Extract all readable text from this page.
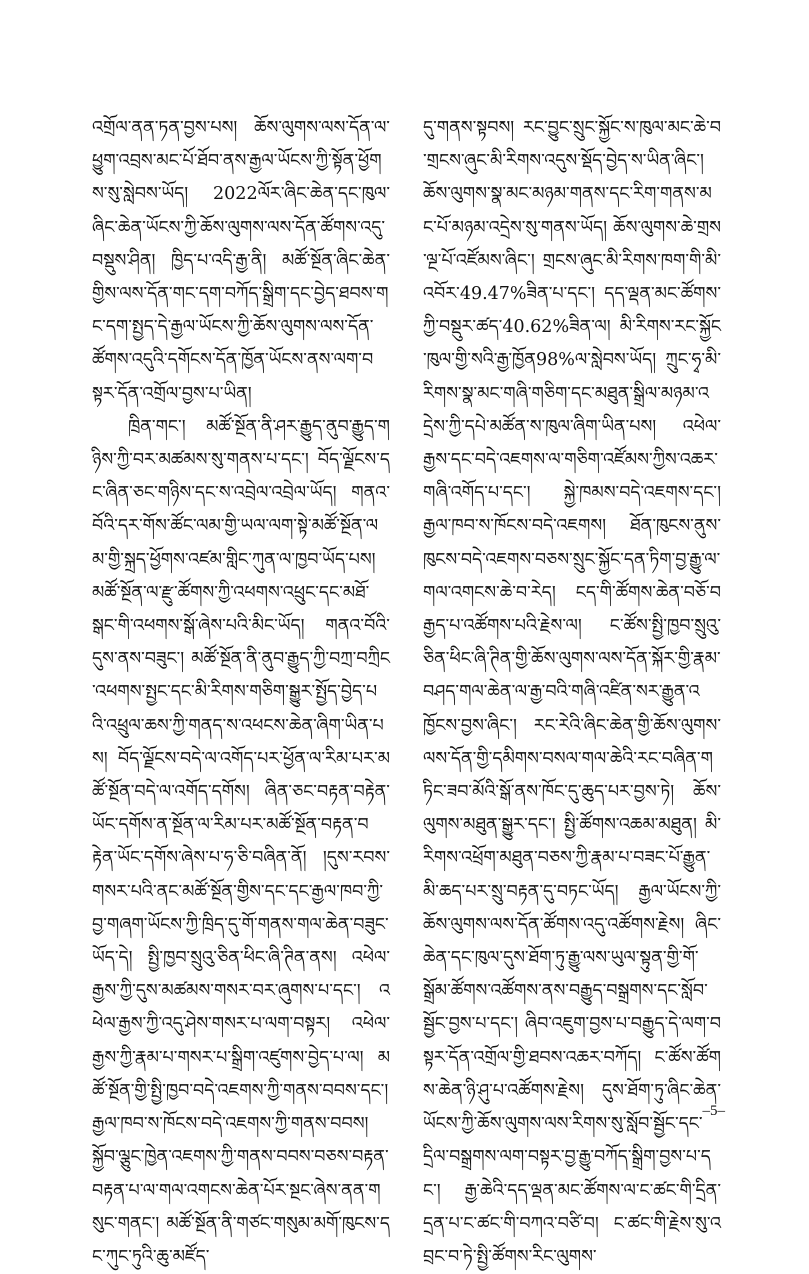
འགྲོལ་ནན་ཏན་བྱས་པས། ཆོས་ལུགས་ལས་དོན་ལ་ཕྱུག་འབྲས་མང་པོ་ཐོབ་ནས་རྒྱལ་ཡོངས་ཀྱི་སྟོན་ཕྱོགས་སུ་སླེབས་ཡོད། 2022ལོར་ཞིང་ཆེན་དང་ཁུལ་ཞིང་ཆེན་ཡོངས་ཀྱི་ཆོས་ལུགས་ལས་དོན་ཚོགས་འདུ་བསྡུས་ཤིན། ཁྱིད་པ་འདི་རྒྱ་ནི། མཚོ་སྔོན་ཞིང་ཆེན་གྱིས་ལས་དོན་གང་དག་བཀོད་སྒྲིག་དང་བྱེད་ཐབས་གང་དག་སྤྱད་དེ་རྒྱལ་ཡོངས་ཀྱི་ཆོས་ལུགས་ལས་དོན་ཚོགས་འདུའི་དགོངས་དོན་ཁྱོན་ཡོངས་ནས་ལག་བསྟར་དོན་འགྲོལ་བྱས་པ་ཡིན།

ཁྲིན་གང་། མཚོ་སྔོན་ནི་ཤར་རྒྱུད་ནུབ་རྒྱུད་གཉིས་ཀྱི་བར་མཚམས་སུ་གནས་པ་དང་། བོད་ལྗོངས་དང་ཞིན་ཅང་གཉིས་དང་ས་འབྲེལ་འབྲེལ་ཡོད། གནའ་བོའི་དར་གོས་ཚོང་ལམ་གྱི་ཡལ་ལག་སྟེ་མཚོ་སྔོན་ལམ་གྱི་སྐྲད་ཕྱོགས་འཛམ་གླིང་ཀུན་ལ་ཁྱབ་ཡོད་པས། མཚོ་སྔོན་ལ་རྫུ་ཚོགས་ཀྱི་འཕགས་འཕྲུང་དང་མཐོ་སྒང་གི་འཕགས་སྒོ་ཞེས་པའི་མིང་ཡོད། གནའ་བོའི་དུས་ནས་བཟུང་། མཚོ་སྔོན་ནི་ནུབ་རྒྱུད་ཀྱི་བཀྲ་བཀྲིང་འཕགས་སྤྱང་དང་མི་རིགས་གཅིག་སྒྱུར་སྤྱོད་བྱེད་པའི་འཕྲུལ་ཆས་ཀྱི་གནད་ས་འཕངས་ཆེན་ཞིག་ཡིན་པས། བོད་ལྗོངས་བདེ་ལ་འགོད་པར་ཕྱོན་ལ་རིམ་པར་མཚོ་སྔོན་བདེ་ལ་འགོད་དགོས། ཞིན་ཅང་བརྟན་བརྟེན་ཡོང་དགོས་ན་སྔོན་ལ་རིམ་པར་མཚོ་སྔོན་བརྟན་བརྟེན་ཡོང་དགོས་ཞེས་པ་ཧ་ཅི་བཞིན་ནོ། །དུས་རབས་གསར་པའི་ནང་མཚོ་སྔོན་གྱིས་དང་དང་རྒྱལ་ཁབ་ཀྱི་བྱ་གཞག་ཡོངས་ཀྱི་ཁྲིད་དུ་གོ་གནས་གལ་ཆེན་བཟུང་ཡོད་དེ། སྤྱི་ཁྱབ་སྲུའུ་ཅིན་ཕིང་ཞི་ཊིན་ནས། འཕེལ་རྒྱས་ཀྱི་དུས་མཚམས་གསར་བར་ཞུགས་པ་དང་། འཕེལ་རྒྱས་ཀྱི་འདུ་ཤེས་གསར་པ་ལག་བསྟར། འཕེལ་རྒྱས་ཀྱི་རྣམ་པ་གསར་པ་སྒྲིག་འཛུགས་བྱེད་པ་ལ། མཚོ་སྔོན་གྱི་སྤྱི་ཁྱབ་བདེ་འཇགས་ཀྱི་གནས་བབས་དང་། རྒྱལ་ཁབ་ས་ཁོངས་བདེ་འཇགས་ཀྱི་གནས་བབས། སྐྱོབ་ལྕུང་ཁྱེན་འཇགས་ཀྱི་གནས་བབས་བཅས་བརྟན་བརྟན་པ་ལ་གལ་འགངས་ཆེན་པོར་སྔང་ཞེས་ནན་གསུང་གནང་། མཚོ་སྔོན་ནི་གཙང་གསུམ་མགོ་ཁུངས་དང་ཀུང་ཏུའི་ཆུ་མཛོད་

དུ་གནས་སྟབས། རང་བྱུང་སྲུང་སྐྱོང་ས་ཁུལ་མང་ཆེ་བ་གྲངས་ཞུང་མི་རིགས་འདུས་སྡོད་བྱེད་ས་ཡིན་ཞིང་། ཆོས་ལུགས་སྣ་མང་མཉམ་གནས་དང་རིག་གནས་མང་པོ་མཉམ་འདྲེས་སུ་གནས་ཡོད། ཆོས་ལུགས་ཆེ་གྲས་ལྔ་པོ་འཛོམས་ཞིང་། གྲངས་ཞུང་མི་རིགས་ཁག་གི་མི་འབོར་49.47%ཟིན་པ་དང་། དད་ལྡན་མང་ཚོགས་ཀྱི་བསྡུར་ཚད་40.62%ཟིན་ལ། མི་རིགས་རང་སྐྱོང་ཁུལ་གྱི་སའི་རྒྱ་ཁྱོན98%ལ་སླེབས་ཡོད། ཀྲུང་ཧྭ་མི་རིགས་སྣ་མང་གཞི་གཅིག་དང་མཐུན་སྒྲིལ་མཉམ་འདྲེས་ཀྱི་དཔེ་མཚོན་ས་ཁུལ་ཞིག་ཡིན་པས། འཕེལ་རྒྱས་དང་བདེ་འཇགས་ལ་གཅིག་འཛོམས་ཀྱིས་འཆར་གཞི་འགོད་པ་དང་། སྐྱེ་ཁམས་བདེ་འཇགས་དང་། རྒྱལ་ཁབ་ས་ཁོངས་བདེ་འཇགས། ཐོན་ཁུངས་ནུས་ཁུངས་བདེ་འཇགས་བཅས་སྲུང་སྐྱོང་དན་ཏིག་བྱ་རྒྱུ་ལ་གལ་འགངས་ཆེ་བ་རེད། ངད་གི་ཚོགས་ཆེན་བཅོ་བརྒྱད་པ་འཚོགས་པའི་རྗེས་ལ། ང་ཚོས་སྤྱི་ཁྱབ་སྲུའུ་ཅིན་ཕིང་ཞི་ཊིན་གྱི་ཆོས་ལུགས་ལས་དོན་སྐོར་གྱི་རྣམ་བཤད་གལ་ཆེན་ལ་རྒྱ་བའི་གཞི་འཛིན་སར་རྒྱུན་འཁྱོངས་བྱས་ཞིང་། རང་རེའི་ཞིང་ཆེན་གྱི་ཆོས་ལུགས་ལས་དོན་གྱི་དམིགས་བསལ་གལ་ཆེའི་རང་བཞིན་གཏིང་ཟབ་མོའི་སྒོ་ནས་ཁོང་དུ་ཆུད་པར་བྱས་ཏེ། ཆོས་ལུགས་མཐུན་སྒྱུར་དང་། སྤྱི་ཚོགས་འཆམ་མཐུན། མི་རིགས་འཕྲོག་མཐུན་བཅས་ཀྱི་རྣམ་པ་བཟང་པོ་རྒྱུན་མི་ཆད་པར་སྲུ་བརྟན་དུ་བཏང་ཡོད། རྒྱལ་ཡོངས་ཀྱི་ཆོས་ལུགས་ལས་དོན་ཚོགས་འདུ་འཚོགས་རྗེས། ཞིང་ཆེན་དང་ཁུལ་དུས་ཐོག་ཏུ་རྒྱུ་ལས་ཡུལ་སྟུན་གྱི་གོ་སྒྲོམ་ཚོགས་འཚོགས་ནས་བརྒྱུད་བསྒྲགས་དང་སློབ་སྦྱོང་བྱས་པ་དང་། ཞིབ་འཇུག་བྱས་པ་བརྒྱུད་དེ་ལག་བསྟར་དོན་འགྲོལ་གྱི་ཐབས་འཆར་བཀོད། ང་ཚོས་ཚོགས་ཆེན་ཉི་ཤུ་པ་འཚོགས་རྗེས། དུས་ཐོག་ཏུ་ཞིང་ཆེན་ཡོངས་ཀྱི་ཆོས་ལུགས་ལས་རིགས་སུ་སློབ་སྦྱོང་དང་དྲིལ་བསྒྲགས་ལག་བསྟར་བྱ་རྒྱུ་བཀོད་སྒྲིག་བྱས་པ་དང་། རྒྱ་ཆེའི་དད་ལྡན་མང་ཚོགས་ལ་ང་ཚང་གི་དྲིན་དྲན་པ་ང་ཚང་གི་བཀའ་བཙི་བ། ང་ཚང་གི་རྗེས་སུ་འབྲང་བ་ཏེ་སྤྱི་ཚོགས་རིང་ལུགས་

–5–
